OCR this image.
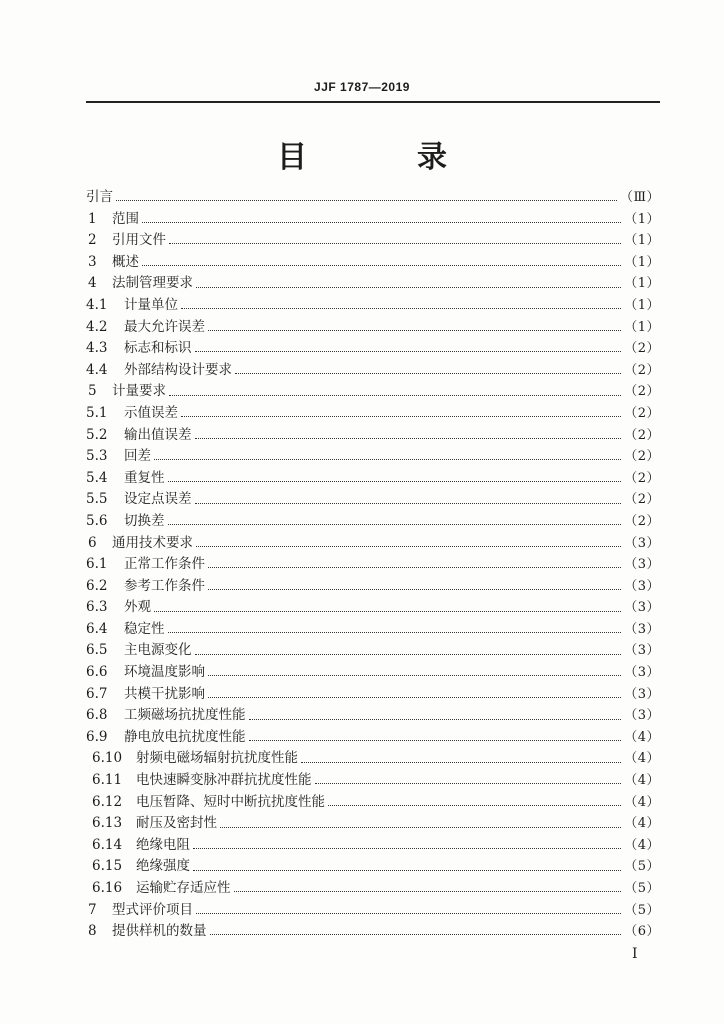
JJF 1787—2019
目　录
引言	（Ⅲ）
1	范围	（1）
2	引用文件	（1）
3	概述	（1）
4	法制管理要求	（1）
4.1	计量单位	（1）
4.2	最大允许误差	（1）
4.3	标志和标识	（2）
4.4	外部结构设计要求	（2）
5	计量要求	（2）
5.1	示值误差	（2）
5.2	输出值误差	（2）
5.3	回差	（2）
5.4	重复性	（2）
5.5	设定点误差	（2）
5.6	切换差	（2）
6	通用技术要求	（3）
6.1	正常工作条件	（3）
6.2	参考工作条件	（3）
6.3	外观	（3）
6.4	稳定性	（3）
6.5	主电源变化	（3）
6.6	环境温度影响	（3）
6.7	共模干扰影响	（3）
6.8	工频磁场抗扰度性能	（3）
6.9	静电放电抗扰度性能	（4）
6.10	射频电磁场辐射抗扰度性能	（4）
6.11	电快速瞬变脉冲群抗扰度性能	（4）
6.12	电压暂降、短时中断抗扰度性能	（4）
6.13	耐压及密封性	（4）
6.14	绝缘电阻	（4）
6.15	绝缘强度	（5）
6.16	运输贮存适应性	（5）
7	型式评价项目	（5）
8	提供样机的数量	（6）
Ⅰ
